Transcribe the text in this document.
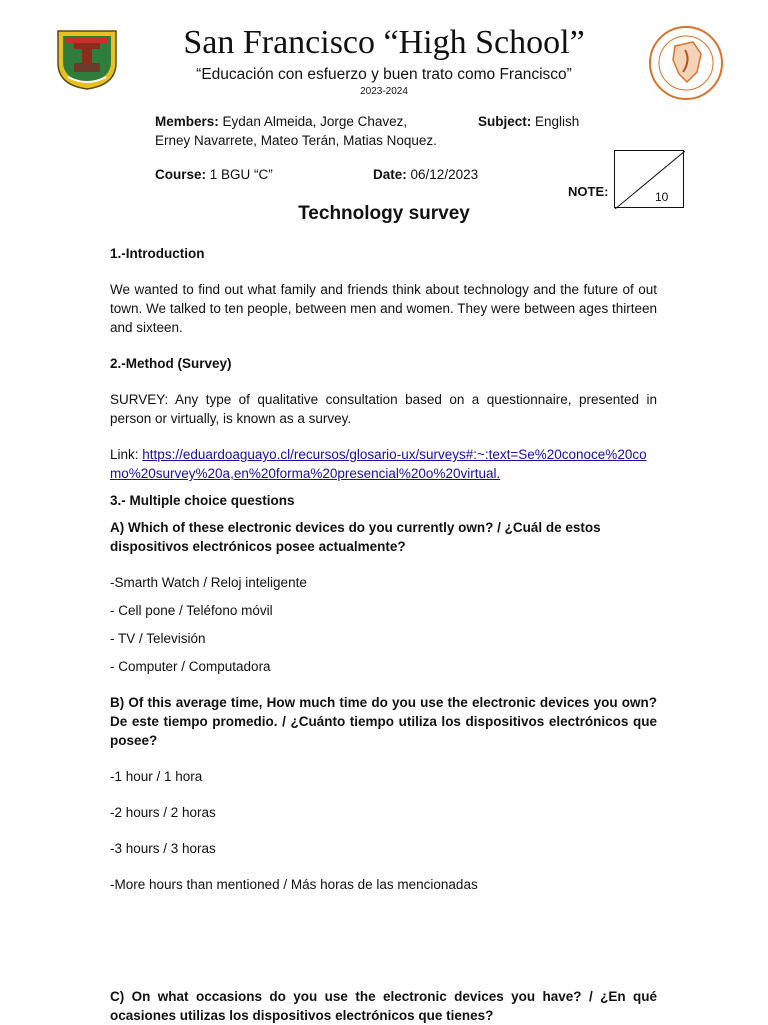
San Francisco “High School”
“Educación con esfuerzo y buen trato como Francisco”
2023-2024
Members: Eydan Almeida, Jorge Chavez,
Erney Navarrete, Mateo Terán, Matias Noquez.
Subject: English
Course: 1 BGU “C”	Date: 06/12/2023
NOTE:	10
Technology survey

1.-Introduction

We wanted to find out what family and friends think about technology and the future of out town. We talked to ten people, between men and women. They were between ages thirteen and sixteen.

2.-Method (Survey)

SURVEY: Any type of qualitative consultation based on a questionnaire, presented in person or virtually, is known as a survey.

Link: https://eduardoaguayo.cl/recursos/glosario-ux/surveys#:~:text=Se%20conoce%20como%20survey%20a,en%20forma%20presencial%20o%20virtual.

3.- Multiple choice questions

A) Which of these electronic devices do you currently own? / ¿Cuál de estos dispositivos electrónicos posee actualmente?

-Smarth Watch / Reloj inteligente

- Cell pone / Teléfono móvil

- TV / Televisión

- Computer / Computadora

B) Of this average time, How much time do you use the electronic devices you own? De este tiempo promedio. / ¿Cuánto tiempo utiliza los dispositivos electrónicos que posee?

-1 hour / 1 hora

-2 hours / 2 horas

-3 hours / 3 horas

-More hours than mentioned / Más horas de las mencionadas

C) On what occasions do you use the electronic devices you have? / ¿En qué ocasiones utilizas los dispositivos electrónicos que tienes?
